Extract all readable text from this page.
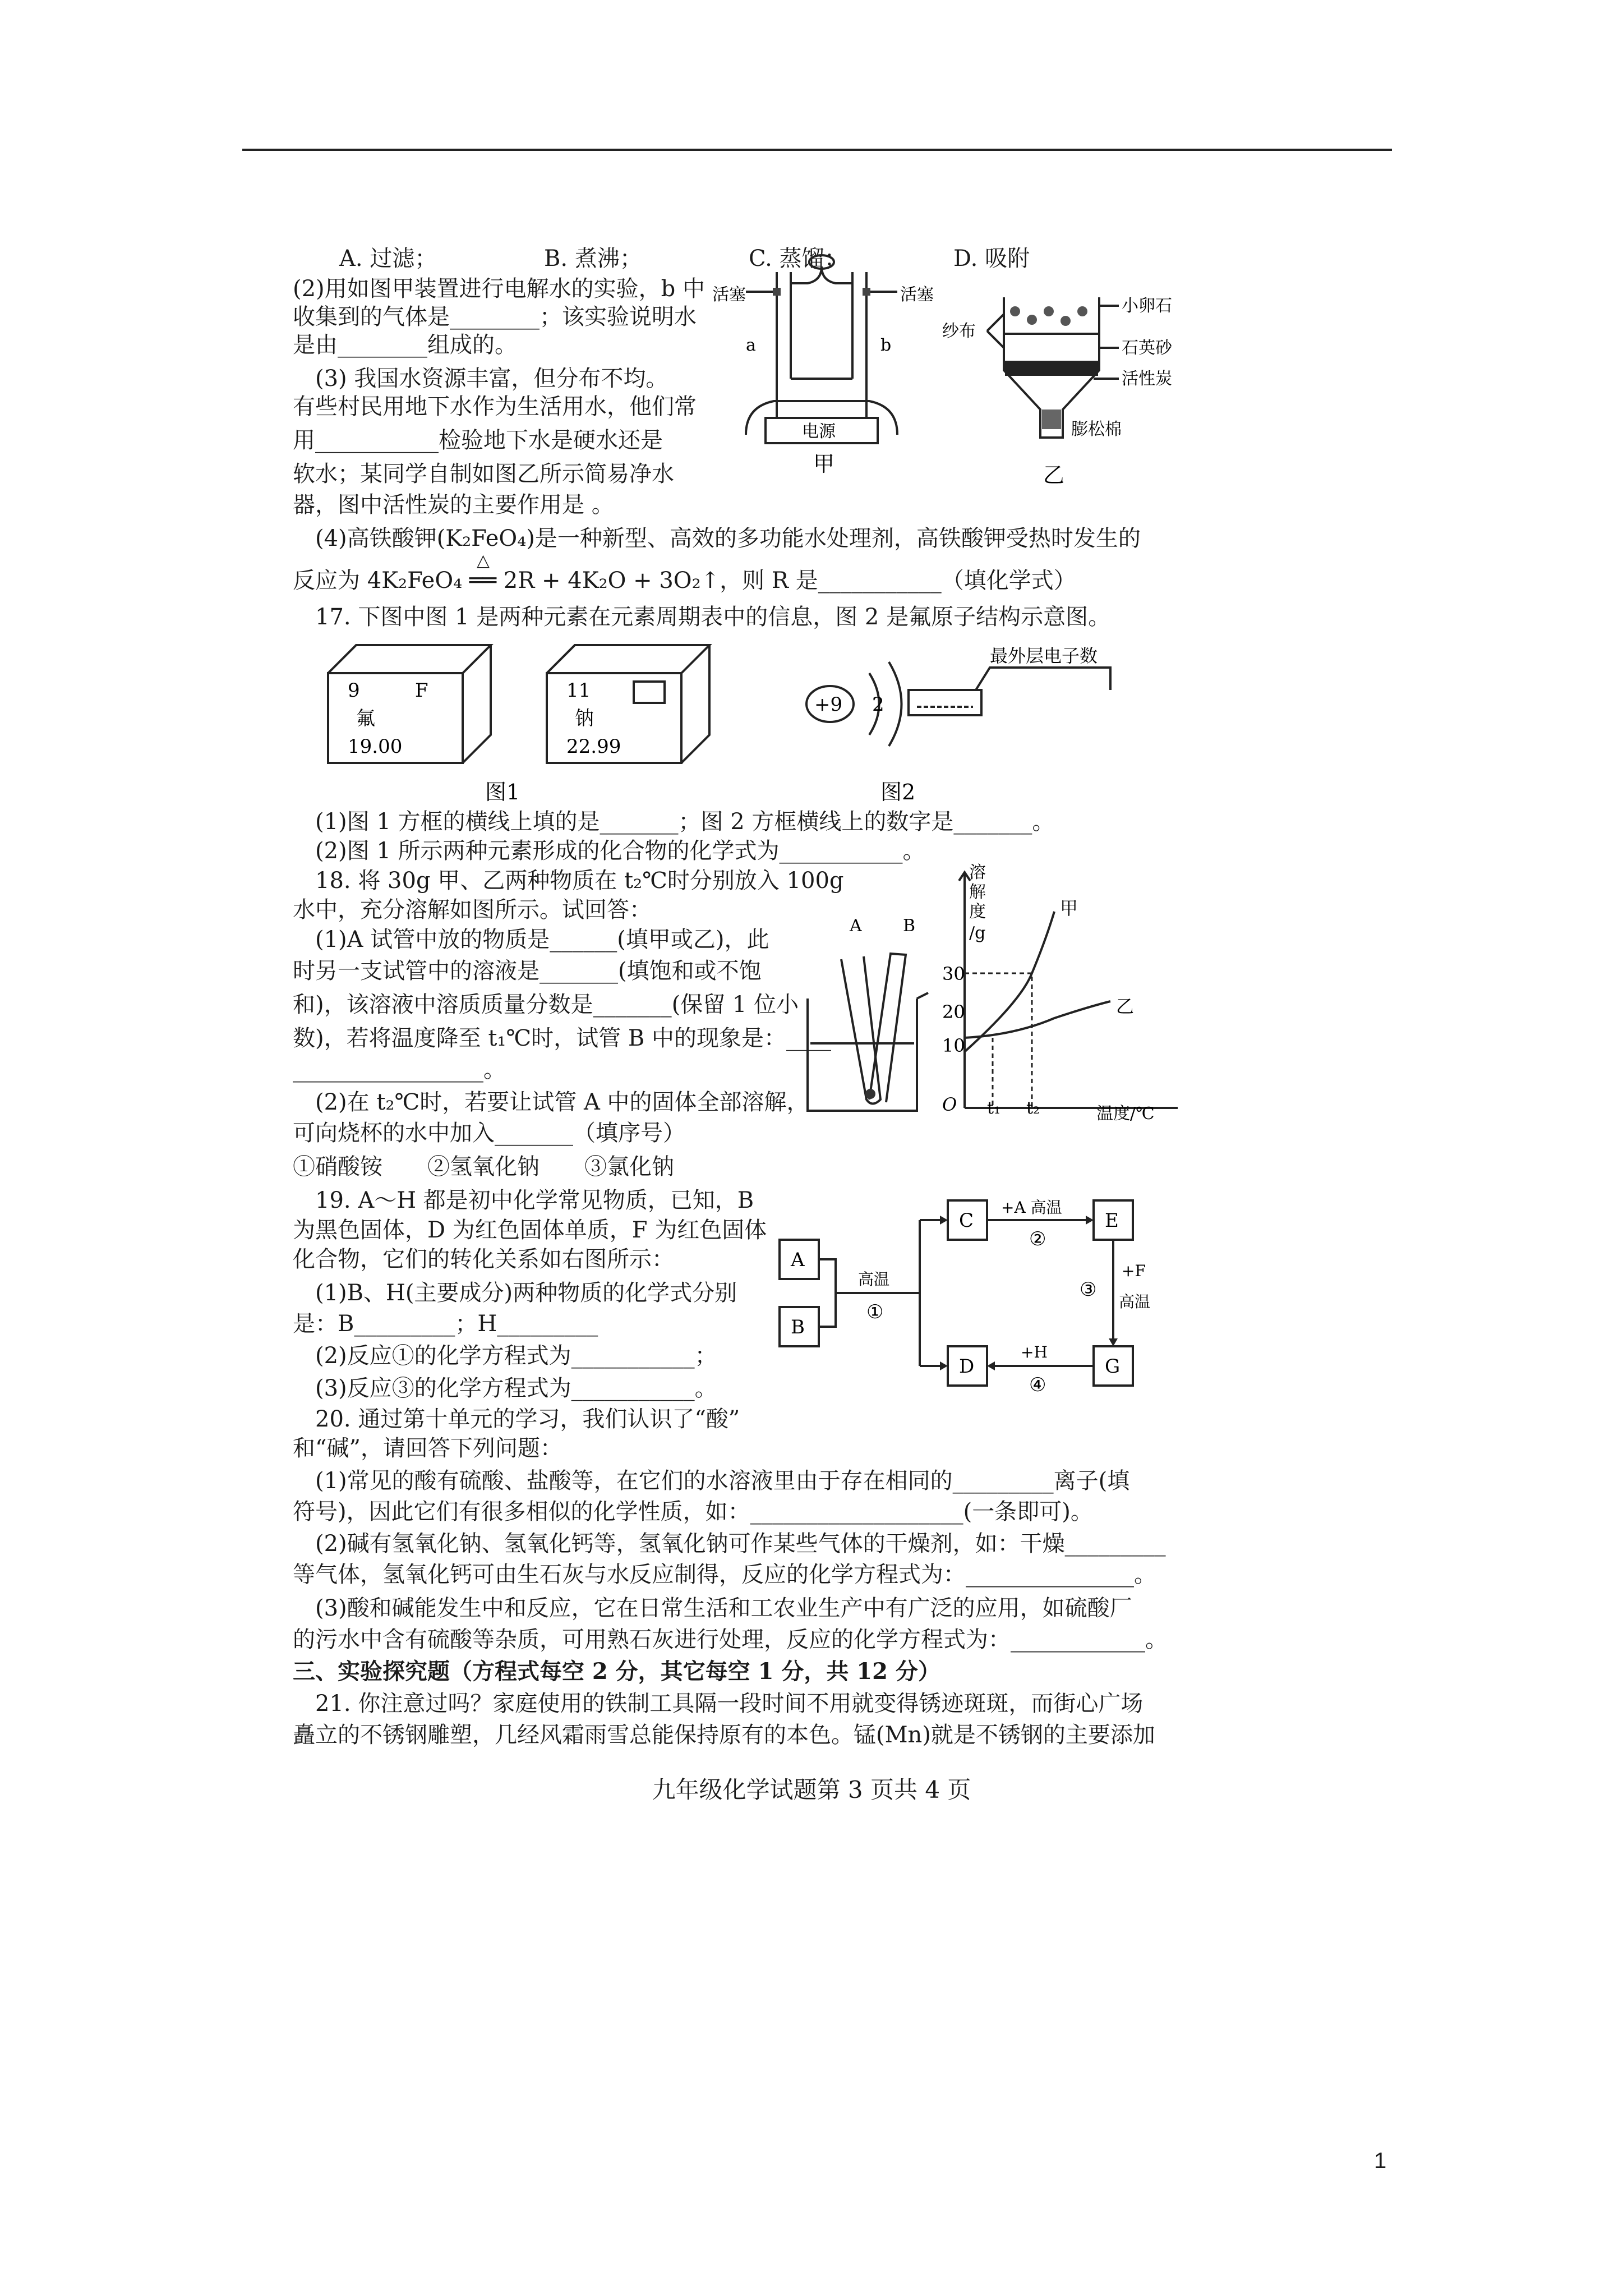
A. 过滤；	B. 煮沸；	C. 蒸馏；	D. 吸附
(2)用如图甲装置进行电解水的实验，b 中
收集到的气体是________；该实验说明水
是由________组成的。
(3) 我国水资源丰富，但分布不均。
有些村民用地下水作为生活用水，他们常
用___________检验地下水是硬水还是
软水；某同学自制如图乙所示简易净水
器，图中活性炭的主要作用是 。
活塞	活塞
a	b
电源
甲
纱布
小卵石
石英砂
活性炭
膨松棉
乙
(4)高铁酸钾(K₂FeO₄)是一种新型、高效的多功能水处理剂，高铁酸钾受热时发生的
△
反应为 4K₂FeO₄ ══ 2R + 4K₂O + 3O₂↑，则 R 是___________（填化学式）
17. 下图中图 1 是两种元素在元素周期表中的信息，图 2 是氟原子结构示意图。
9	F
氟
19.00
11
钠
22.99
图1
+9 2
最外层电子数
图2
(1)图 1 方框的横线上填的是_______；图 2 方框横线上的数字是_______。
(2)图 1 所示两种元素形成的化合物的化学式为___________。
18. 将 30g 甲、乙两种物质在 t₂℃时分别放入 100g
水中，充分溶解如图所示。试回答：
(1)A 试管中放的物质是______(填甲或乙)，此
时另一支试管中的溶液是_______(填饱和或不饱
和)，该溶液中溶质质量分数是_______(保留 1 位小
数)，若将温度降至 t₁℃时，试管 B 中的现象是：____
_________________。
(2)在 t₂℃时，若要让试管 A 中的固体全部溶解，
可向烧杯的水中加入_______（填序号）
①硝酸铵　　②氢氧化钠　　③氯化钠
A B
溶
解
度
/g
30
20
10
O t₁ t₂	温度/℃
甲
乙
19. A～H 都是初中化学常见物质，已知，B
为黑色固体，D 为红色固体单质，F 为红色固体
化合物，它们的转化关系如右图所示：
(1)B、H(主要成分)两种物质的化学式分别
是：B_________；H_________
(2)反应①的化学方程式为___________；
(3)反应③的化学方程式为___________。
A
B
C
D
E
G
高温
①
+A 高温
②
+F
高温
③
+H
④
20. 通过第十单元的学习，我们认识了“酸”
和“碱”，请回答下列问题：
(1)常见的酸有硫酸、盐酸等，在它们的水溶液里由于存在相同的_________离子(填
符号)，因此它们有很多相似的化学性质，如：___________________(一条即可)。
(2)碱有氢氧化钠、氢氧化钙等，氢氧化钠可作某些气体的干燥剂，如：干燥_________
等气体，氢氧化钙可由生石灰与水反应制得，反应的化学方程式为：_______________。
(3)酸和碱能发生中和反应，它在日常生活和工农业生产中有广泛的应用，如硫酸厂
的污水中含有硫酸等杂质，可用熟石灰进行处理，反应的化学方程式为：____________。
三、实验探究题（方程式每空 2 分，其它每空 1 分，共 12 分）
21. 你注意过吗？家庭使用的铁制工具隔一段时间不用就变得锈迹斑斑，而街心广场
矗立的不锈钢雕塑，几经风霜雨雪总能保持原有的本色。锰(Mn)就是不锈钢的主要添加
九年级化学试题第 3 页共 4 页
1
